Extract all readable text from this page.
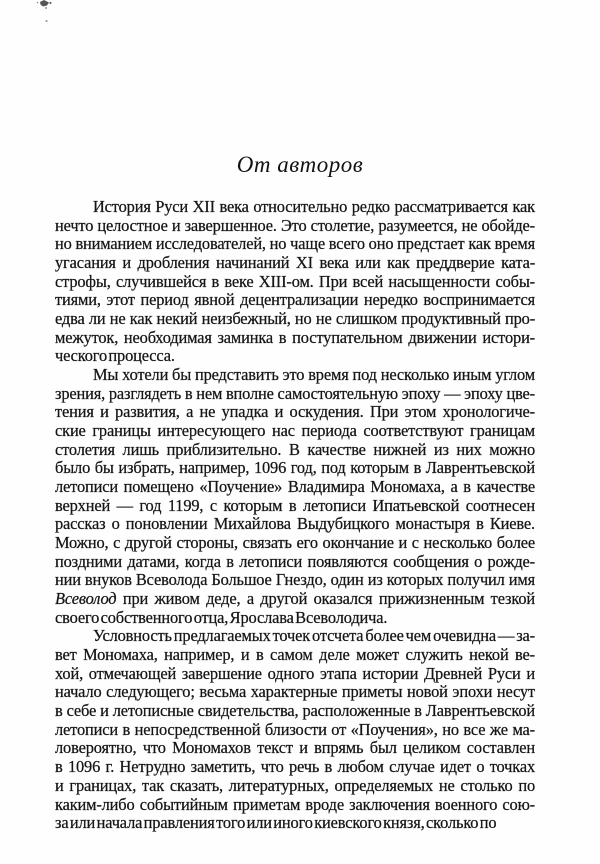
От авторов
История Руси XII века относительно редко рассматривается как
нечто целостное и завершенное. Это столетие, разумеется, не обойде-
но вниманием исследователей, но чаще всего оно предстает как время
угасания и дробления начинаний XI века или как преддверие ката-
строфы, случившейся в веке XIII-ом. При всей насыщенности собы-
тиями, этот период явной децентрализации нередко воспринимается
едва ли не как некий неизбежный, но не слишком продуктивный про-
межуток, необходимая заминка в поступательном движении истори-
ческого процесса.
Мы хотели бы представить это время под несколько иным углом
зрения, разглядеть в нем вполне самостоятельную эпоху — эпоху цве-
тения и развития, а не упадка и оскудения. При этом хронологиче-
ские границы интересующего нас периода соответствуют границам
столетия лишь приблизительно. В качестве нижней из них можно
было бы избрать, например, 1096 год, под которым в Лаврентьевской
летописи помещено «Поучение» Владимира Мономаха, а в качестве
верхней — год 1199, с которым в летописи Ипатьевской соотнесен
рассказ о поновлении Михайлова Выдубицкого монастыря в Киеве.
Можно, с другой стороны, связать его окончание и с несколько более
поздними датами, когда в летописи появляются сообщения о рожде-
нии внуков Всеволода Большое Гнездо, один из которых получил имя
Всеволод при живом деде, а другой оказался прижизненным тезкой
своего собственного отца, Ярослава Всеволодича.
Условность предлагаемых точек отсчета более чем очевидна — за-
вет Мономаха, например, и в самом деле может служить некой ве-
хой, отмечающей завершение одного этапа истории Древней Руси и
начало следующего; весьма характерные приметы новой эпохи несут
в себе и летописные свидетельства, расположенные в Лаврентьевской
летописи в непосредственной близости от «Поучения», но все же ма-
ловероятно, что Мономахов текст и впрямь был целиком составлен
в 1096 г. Нетрудно заметить, что речь в любом случае идет о точках
и границах, так сказать, литературных, определяемых не столько по
каким-либо событийным приметам вроде заключения военного сою-
за или начала правления того или иного киевского князя, сколько по
